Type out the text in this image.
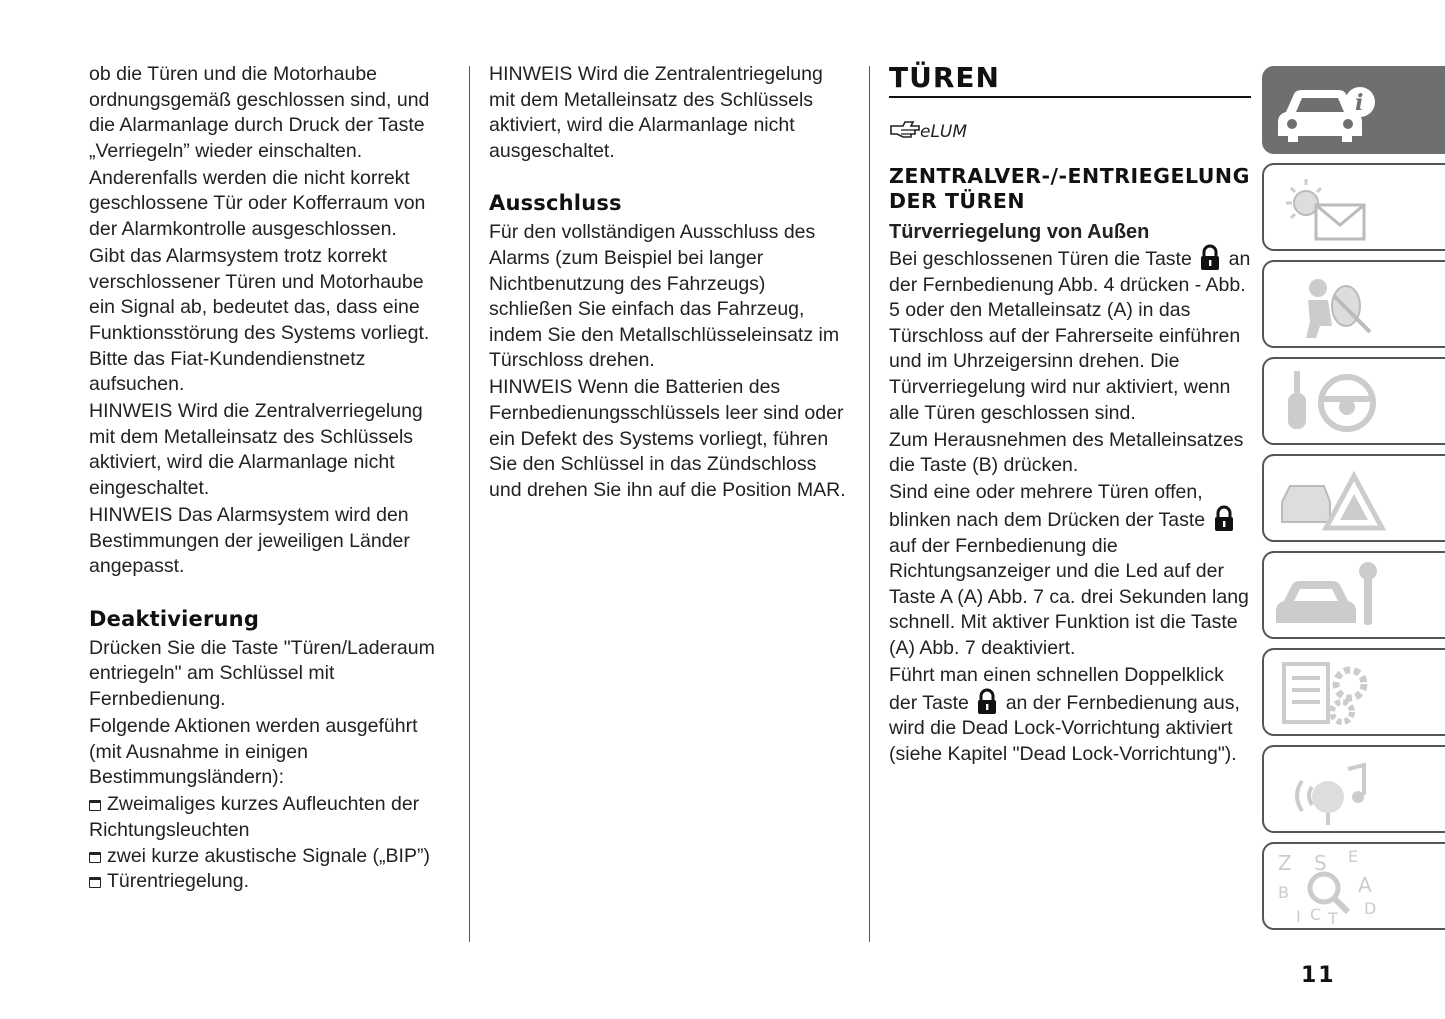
ob die Türen und die Motorhaube ordnungsgemäß geschlossen sind, und die Alarmanlage durch Druck der Taste „Verriegeln” wieder einschalten.

Anderenfalls werden die nicht korrekt geschlossene Tür oder Kofferraum von der Alarmkontrolle ausgeschlossen.

Gibt das Alarmsystem trotz korrekt verschlossener Türen und Motorhaube ein Signal ab, bedeutet das, dass eine Funktionsstörung des Systems vorliegt. Bitte das Fiat-Kundendienstnetz aufsuchen.

HINWEIS Wird die Zentralverriegelung mit dem Metalleinsatz des Schlüssels aktiviert, wird die Alarmanlage nicht eingeschaltet.

HINWEIS Das Alarmsystem wird den Bestimmungen der jeweiligen Länder angepasst.

Deaktivierung

Drücken Sie die Taste "Türen/Laderaum entriegeln" am Schlüssel mit Fernbedienung.

Folgende Aktionen werden ausgeführt (mit Ausnahme in einigen Bestimmungsländern):

Zweimaliges kurzes Aufleuchten der Richtungsleuchten

zwei kurze akustische Signale („BIP”)

Türentriegelung.

HINWEIS Wird die Zentralentriegelung mit dem Metalleinsatz des Schlüssels aktiviert, wird die Alarmanlage nicht ausgeschaltet.

Ausschluss

Für den vollständigen Ausschluss des Alarms (zum Beispiel bei langer Nichtbenutzung des Fahrzeugs) schließen Sie einfach das Fahrzeug, indem Sie den Metallschlüsseleinsatz im Türschloss drehen.

HINWEIS Wenn die Batterien des Fernbedienungsschlüssels leer sind oder ein Defekt des Systems vorliegt, führen Sie den Schlüssel in das Zündschloss und drehen Sie ihn auf die Position MAR.

TÜREN
eLUM
ZENTRALVER-/-ENTRIEGELUNG DER TÜREN
Türverriegelung von Außen

Bei geschlossenen Türen die Taste an der Fernbedienung Abb. 4 drücken - Abb. 5 oder den Metalleinsatz (A) in das Türschloss auf der Fahrerseite einführen und im Uhrzeigersinn drehen. Die Türverriegelung wird nur aktiviert, wenn alle Türen geschlossen sind.

Zum Herausnehmen des Metalleinsatzes die Taste (B) drücken.

Sind eine oder mehrere Türen offen, blinken nach dem Drücken der Taste  auf der Fernbedienung die Richtungsanzeiger und die Led auf der Taste A (A) Abb. 7 ca. drei Sekunden lang schnell. Mit aktiver Funktion ist die Taste (A) Abb. 7 deaktiviert.

Führt man einen schnellen Doppelklick der Taste an der Fernbedienung aus, wird die Dead Lock-Vorrichtung aktiviert (siehe Kapitel "Dead Lock-Vorrichtung").

i
Z	E
S
A
B
D
C T
I
11
